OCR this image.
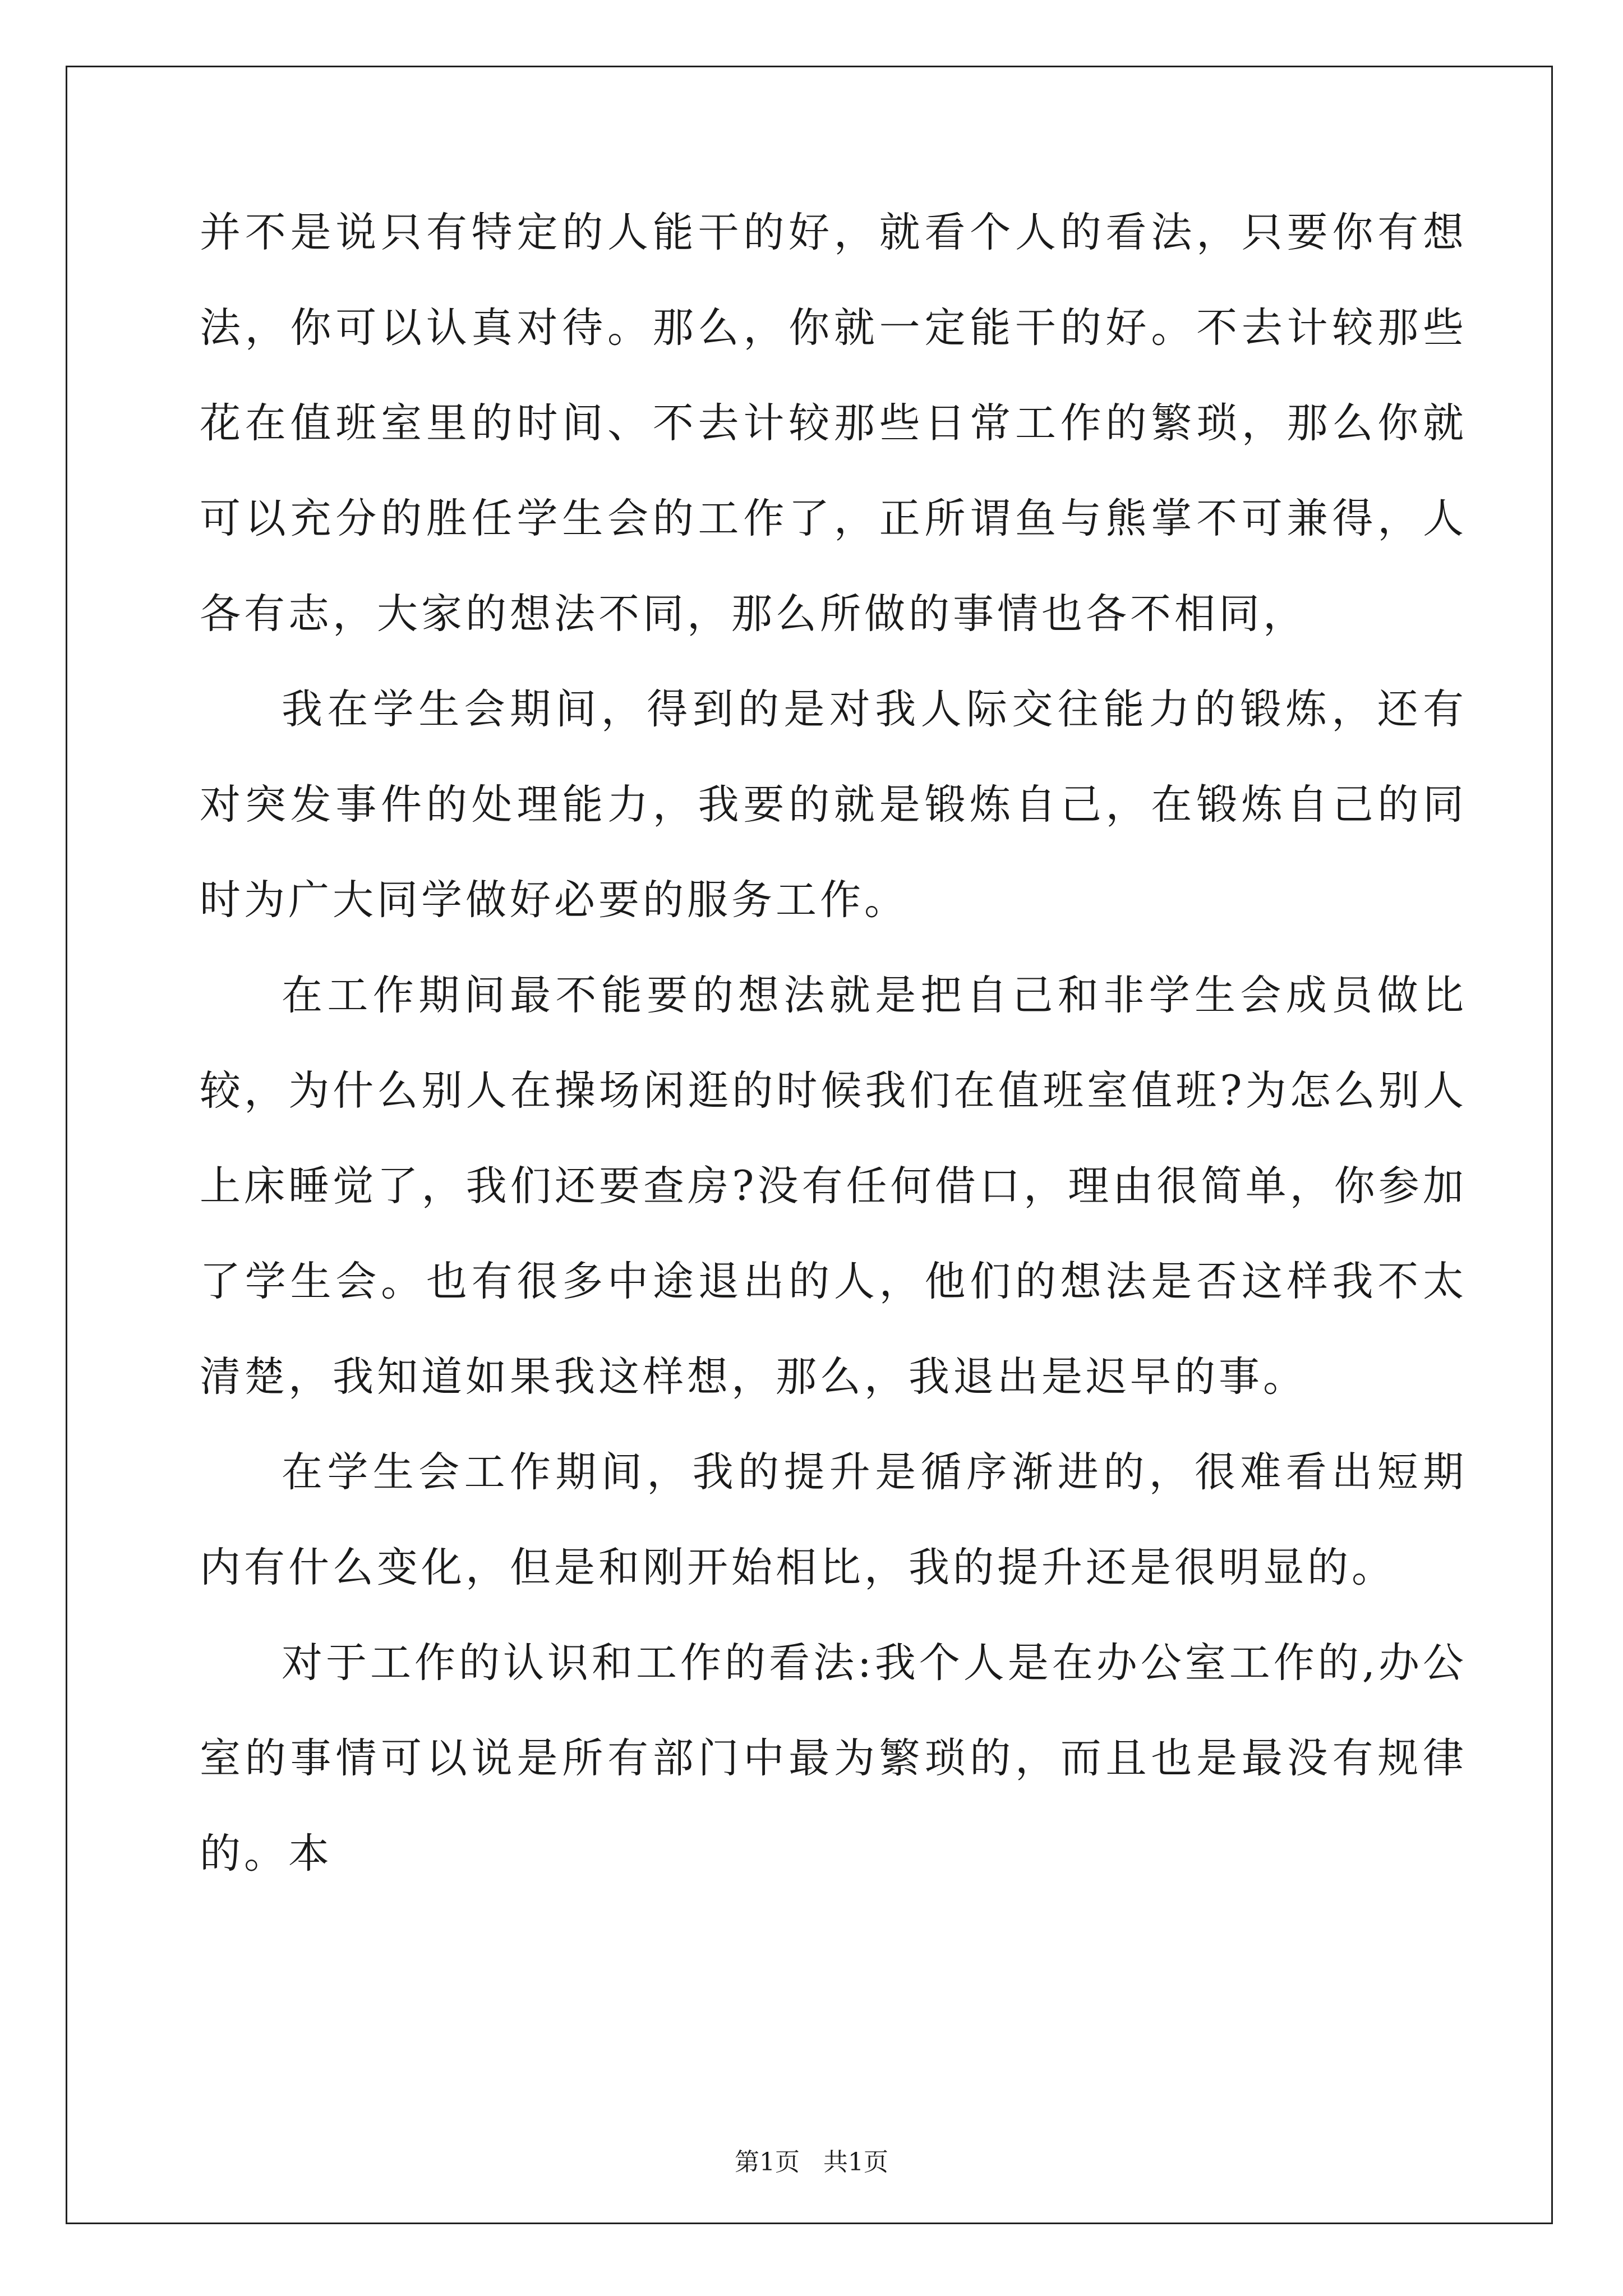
并不是说只有特定的人能干的好，就看个人的看法，只要你有想法，你可以认真对待。那么，你就一定能干的好。不去计较那些花在值班室里的时间、不去计较那些日常工作的繁琐，那么你就可以充分的胜任学生会的工作了，正所谓鱼与熊掌不可兼得，人各有志，大家的想法不同，那么所做的事情也各不相同，

我在学生会期间，得到的是对我人际交往能力的锻炼，还有对突发事件的处理能力，我要的就是锻炼自己，在锻炼自己的同时为广大同学做好必要的服务工作。

在工作期间最不能要的想法就是把自己和非学生会成员做比较，为什么别人在操场闲逛的时候我们在值班室值班?为怎么别人上床睡觉了，我们还要查房?没有任何借口，理由很简单，你参加了学生会。也有很多中途退出的人，他们的想法是否这样我不太清楚，我知道如果我这样想，那么，我退出是迟早的事。

在学生会工作期间，我的提升是循序渐进的，很难看出短期内有什么变化，但是和刚开始相比，我的提升还是很明显的。

对于工作的认识和工作的看法:我个人是在办公室工作的,办公室的事情可以说是所有部门中最为繁琐的，而且也是最没有规律的。本

第1页 共1页
